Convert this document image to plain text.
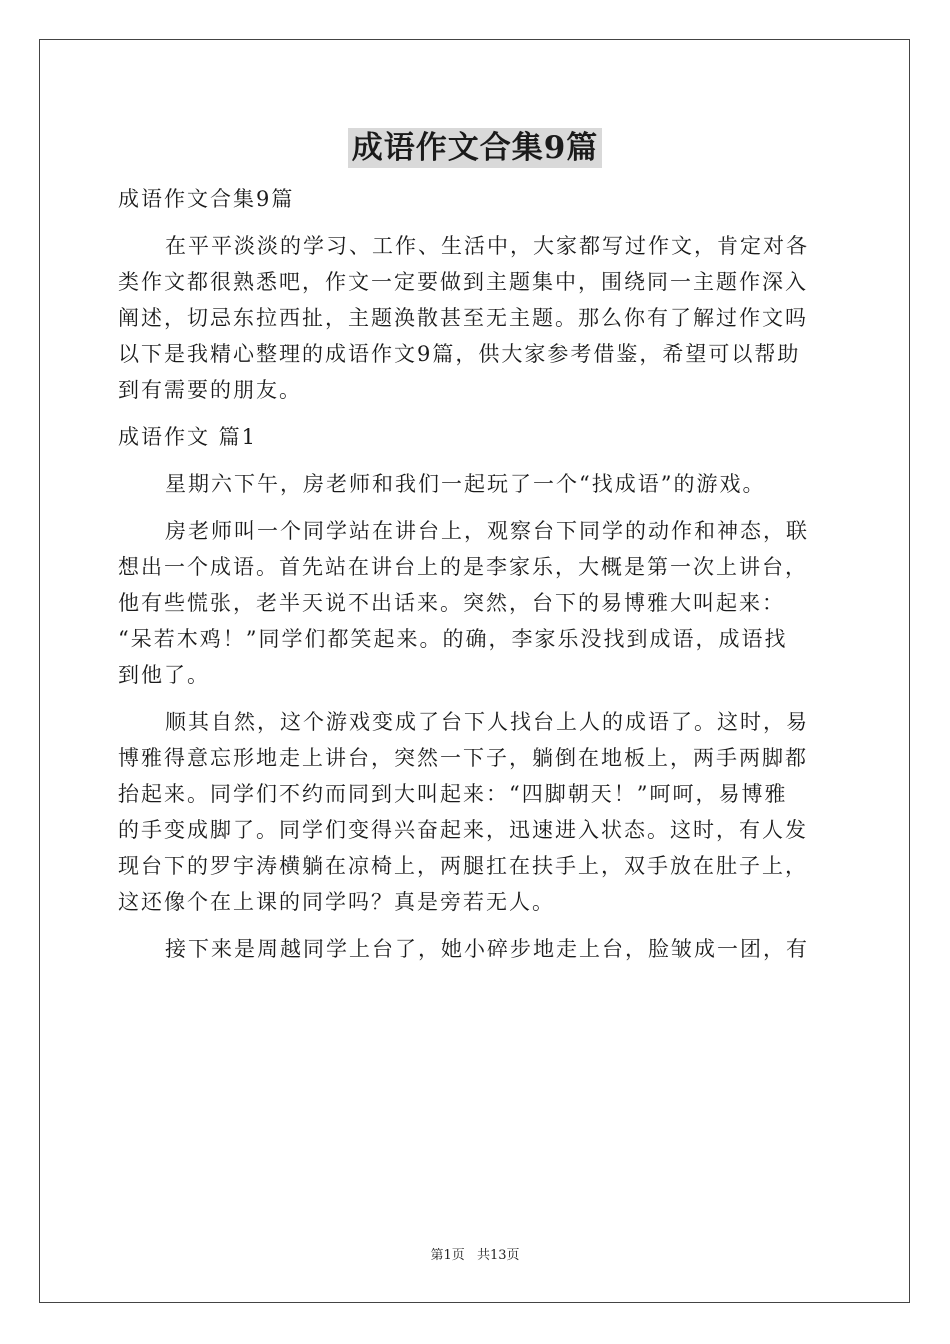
成语作文合集9篇
成语作文合集9篇
在平平淡淡的学习、工作、生活中，大家都写过作文，肯定对各
类作文都很熟悉吧，作文一定要做到主题集中，围绕同一主题作深入
阐述，切忌东拉西扯，主题涣散甚至无主题。那么你有了解过作文吗
以下是我精心整理的成语作文9篇，供大家参考借鉴，希望可以帮助
到有需要的朋友。
成语作文 篇1
星期六下午，房老师和我们一起玩了一个“找成语”的游戏。
房老师叫一个同学站在讲台上，观察台下同学的动作和神态，联
想出一个成语。首先站在讲台上的是李家乐，大概是第一次上讲台，
他有些慌张，老半天说不出话来。突然，台下的易博雅大叫起来：
“呆若木鸡！”同学们都笑起来。的确，李家乐没找到成语，成语找
到他了。
顺其自然，这个游戏变成了台下人找台上人的成语了。这时，易
博雅得意忘形地走上讲台，突然一下子，躺倒在地板上，两手两脚都
抬起来。同学们不约而同到大叫起来：“四脚朝天！”呵呵，易博雅
的手变成脚了。同学们变得兴奋起来，迅速进入状态。这时，有人发
现台下的罗宇涛横躺在凉椅上，两腿扛在扶手上，双手放在肚子上，
这还像个在上课的同学吗？真是旁若无人。
接下来是周越同学上台了，她小碎步地走上台，脸皱成一团，有
第1页 共13页
